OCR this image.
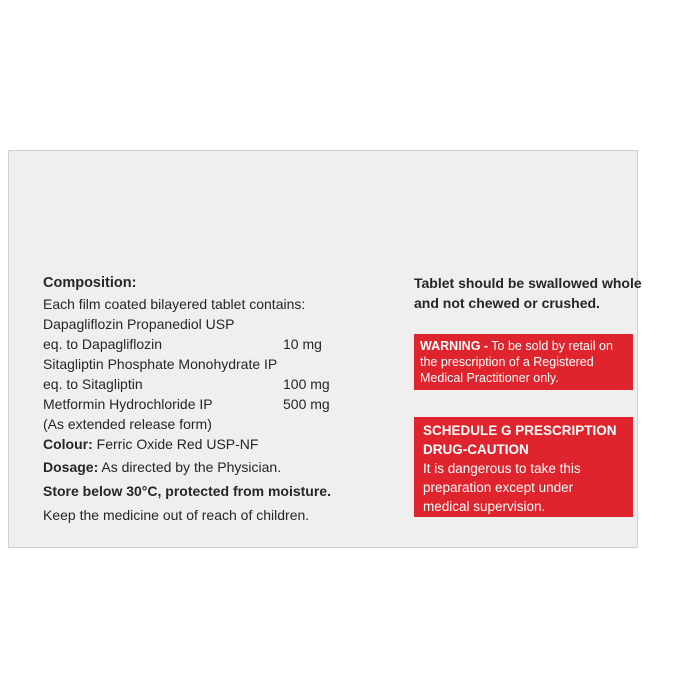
Composition:
Each film coated bilayered tablet contains:
Dapagliflozin Propanediol USP
eq. to Dapagliflozin	10 mg
Sitagliptin Phosphate Monohydrate IP
eq. to Sitagliptin	100 mg
Metformin Hydrochloride IP	500 mg
(As extended release form)
Colour: Ferric Oxide Red USP-NF
Dosage: As directed by the Physician.
Store below 30°C, protected from moisture.
Keep the medicine out of reach of children.
Tablet should be swallowed whole
and not chewed or crushed.
WARNING - To be sold by retail on
the prescription of a Registered
Medical Practitioner only.
SCHEDULE G PRESCRIPTION
DRUG-CAUTION
It is dangerous to take this
preparation except under
medical supervision.
